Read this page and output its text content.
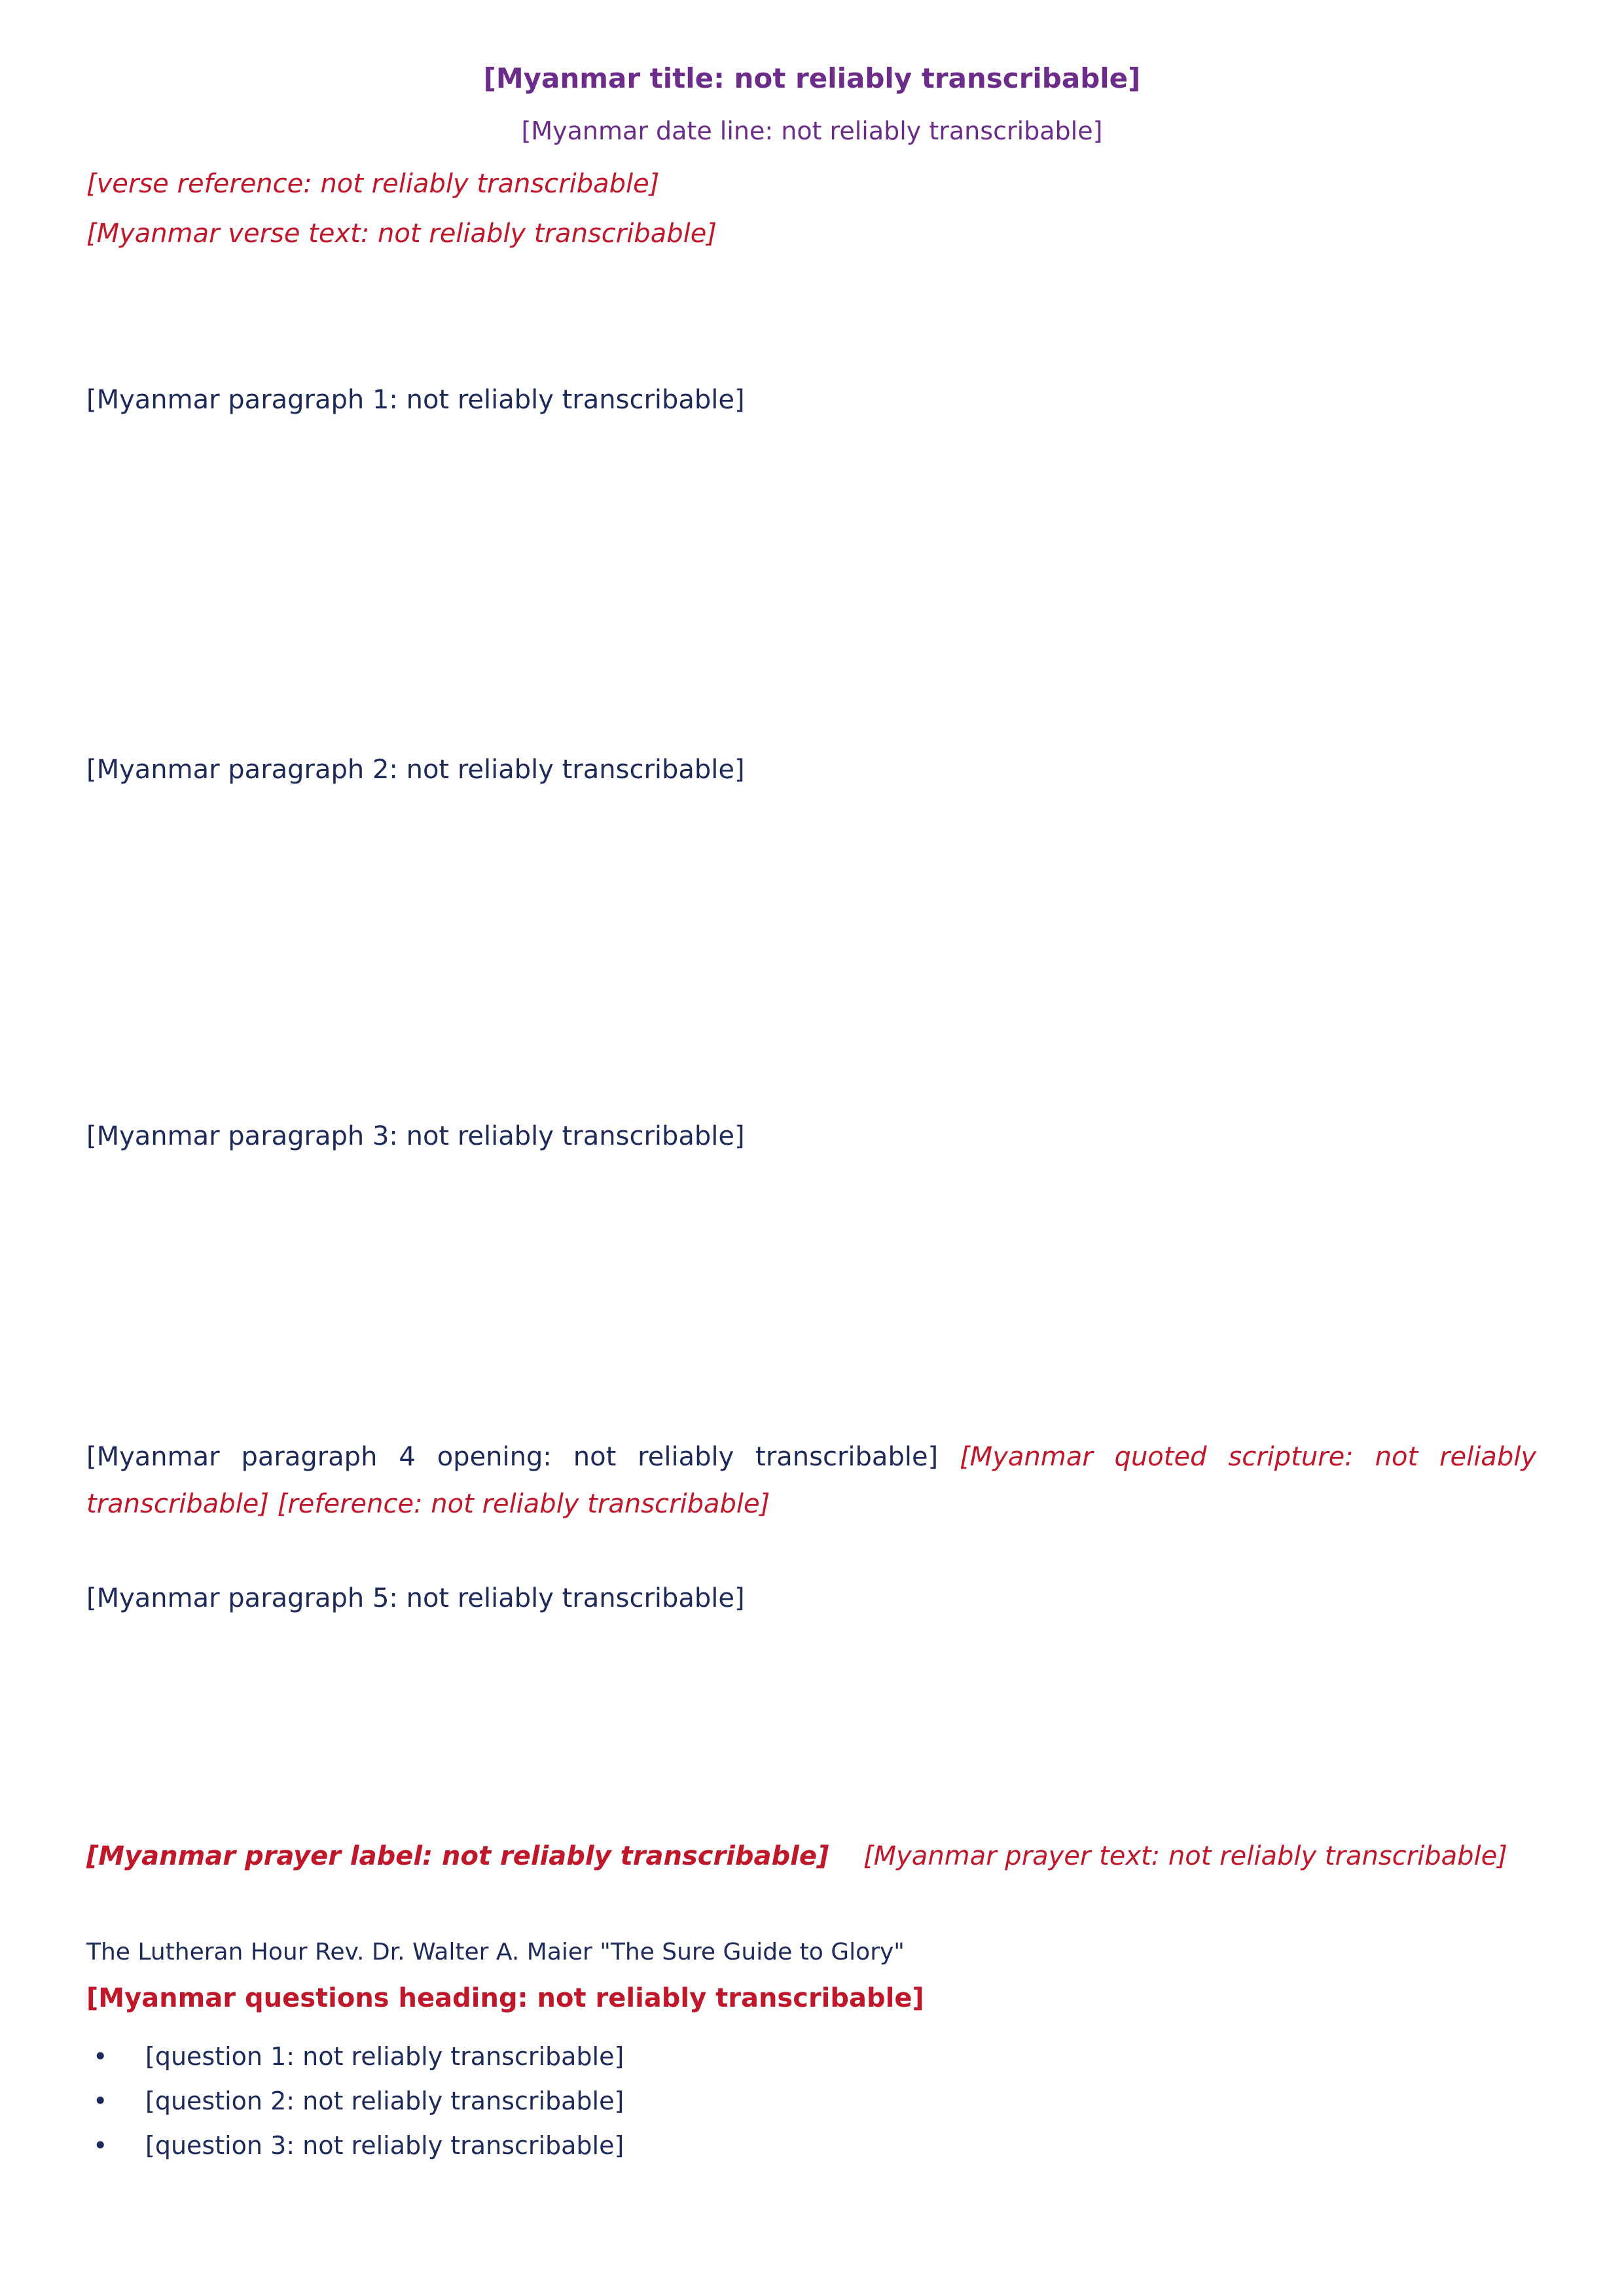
[Myanmar title: not reliably transcribable]
[Myanmar date line: not reliably transcribable]
[verse reference: not reliably transcribable]
[Myanmar verse text: not reliably transcribable]
[Myanmar paragraph 1: not reliably transcribable]
[Myanmar paragraph 2: not reliably transcribable]
[Myanmar paragraph 3: not reliably transcribable]
[Myanmar paragraph 4 opening: not reliably transcribable] [Myanmar quoted scripture: not reliably transcribable] [reference: not reliably transcribable]
[Myanmar paragraph 5: not reliably transcribable]
[Myanmar prayer label: not reliably transcribable] [Myanmar prayer text: not reliably transcribable]
The Lutheran Hour Rev. Dr. Walter A. Maier "The Sure Guide to Glory"
[Myanmar questions heading: not reliably transcribable]
• [question 1: not reliably transcribable]
• [question 2: not reliably transcribable]
• [question 3: not reliably transcribable]
